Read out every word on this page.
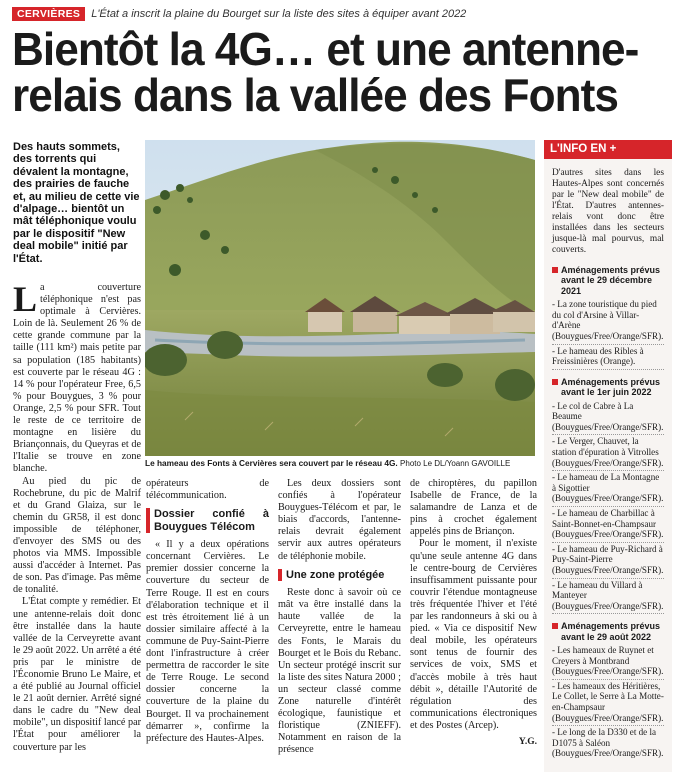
CERVIÈRES	L'État a inscrit la plaine du Bourget sur la liste des sites à équiper avant 2022
Bientôt la 4G… et une antenne-
relais dans la vallée des Fonts
Des hauts sommets, des torrents qui dévalent la montagne, des prairies de fauche et, au milieu de cette vie d'alpage… bientôt un mât téléphonique voulu par le dispositif "New deal mobile" initié par l'État.

La couverture téléphonique n'est pas optimale à Cervières. Loin de là. Seulement 26 % de cette grande commune par la taille (111 km²) mais petite par sa population (185 habitants) est couverte par le réseau 4G : 14 % pour l'opérateur Free, 6,5 % pour Bouygues, 3 % pour Orange, 2,5 % pour SFR. Tout le reste de ce territoire de montagne en lisière du Briançonnais, du Queyras et de l'Italie se trouve en zone blanche.

Au pied du pic de Rochebrune, du pic de Malrif et du Grand Glaiza, sur le chemin du GR58, il est donc impossible de téléphoner, d'envoyer des SMS ou des photos via MMS. Impossible aussi d'accéder à Internet. Pas de son. Pas d'image. Pas même de tonalité.

L'État compte y remédier. Et une antenne-relais doit donc être installée dans la haute vallée de la Cerveyrette avant le 29 août 2022. Un arrêté a été pris par le ministre de l'Économie Bruno Le Maire, et a été publié au Journal officiel le 21 août dernier. Arrêté signé dans le cadre du "New deal mobile", un dispositif lancé par l'État pour améliorer la couverture par les

Le hameau des Fonts à Cervières sera couvert par le réseau 4G. Photo Le DL/Yoann GAVOILLE

opérateurs de télécommunication.

Dossier confié à Bouygues Télécom

« Il y a deux opérations concernant Cervières. Le premier dossier concerne la couverture du secteur de Terre Rouge. Il est en cours d'élaboration technique et il est très étroitement lié à un dossier similaire affecté à la commune de Puy-Saint-Pierre dont l'infrastructure à créer permettra de raccorder le site de Terre Rouge. Le second dossier concerne la couverture de la plaine du Bourget. Il va prochainement démarrer », confirme la préfecture des Hautes-Alpes.

Les deux dossiers sont confiés à l'opérateur Bouygues-Télécom et par, le biais d'accords, l'antenne-relais devrait également servir aux autres opérateurs de téléphonie mobile.

Une zone protégée

Reste donc à savoir où ce mât va être installé dans la haute vallée de la Cerveyrette, entre le hameau des Fonts, le Marais du Bourget et le Bois du Rebanc. Un secteur protégé inscrit sur la liste des sites Natura 2000 ; un secteur classé comme Zone naturelle d'intérêt écologique, faunistique et floristique (ZNIEFF). Notamment en raison de la présence

de chiroptères, du papillon Isabelle de France, de la salamandre de Lanza et de pins à crochet également appelés pins de Briançon.

Pour le moment, il n'existe qu'une seule antenne 4G dans le centre-bourg de Cervières insuffisamment puissante pour couvrir l'étendue montagneuse très fréquentée l'hiver et l'été par les randonneurs à ski ou à pied. « Via ce dispositif New deal mobile, les opérateurs sont tenus de fournir des services de voix, SMS et d'accès mobile à très haut débit », détaille l'Autorité de régulation des communications électroniques et des Postes (Arcep).

Y.G.
L'INFO EN +
D'autres sites dans les Hautes-Alpes sont concernés par le "New deal mobile" de l'État. D'autres antennes-relais vont donc être installées dans les secteurs jusque-là mal pourvus, mal couverts.
Aménagements prévus avant le 29 décembre 2021
- La zone touristique du pied du col d'Arsine à Villar-d'Arène (Bouygues/Free/Orange/SFR).
- Le hameau des Ribles à Freissinières (Orange).
Aménagements prévus avant le 1er juin 2022
- Le col de Cabre à La Beaume (Bouygues/Free/Orange/SFR).
- Le Verger, Chauvet, la station d'épuration à Vitrolles (Bouygues/Free/Orange/SFR).
- Le hameau de La Montagne à Sigottier (Bouygues/Free/Orange/SFR).
- Le hameau de Charbillac à Saint-Bonnet-en-Champsaur (Bouygues/Free/Orange/SFR).
- Le hameau de Puy-Richard à Puy-Saint-Pierre (Bouygues/Free/Orange/SFR).
- Le hameau du Villard à Manteyer (Bouygues/Free/Orange/SFR).
Aménagements prévus avant le 29 août 2022
- Les hameaux de Ruynet et Creyers à Montbrand (Bouygues/Free/Orange/SFR).
- Les hameaux des Héritières, Le Collet, le Serre à La Motte-en-Champsaur (Bouygues/Free/Orange/SFR).
- Le long de la D330 et de la D1075 à Saléon (Bouygues/Free/Orange/SFR).
